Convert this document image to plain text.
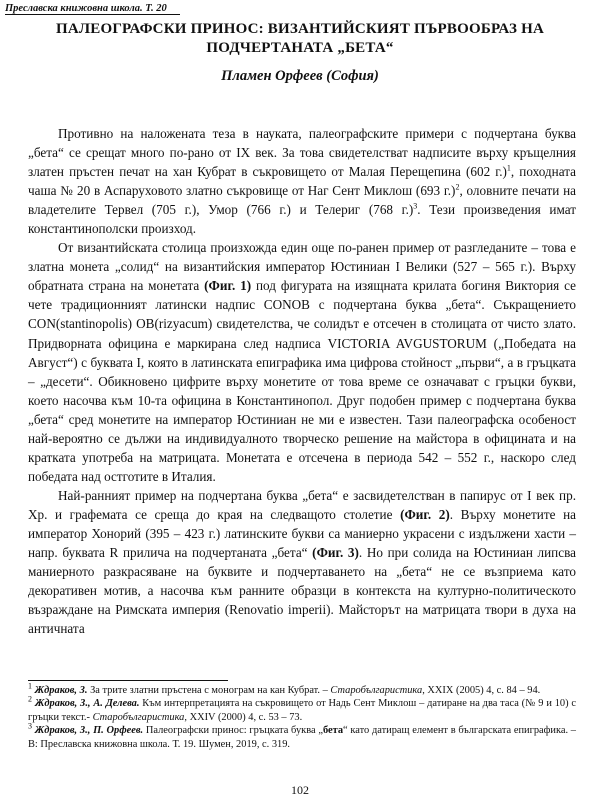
Преславска книжовна школа. Т. 20
ПАЛЕОГРАФСКИ ПРИНОС: ВИЗАНТИЙСКИЯТ ПЪРВООБРАЗ НА
ПОДЧЕРТАНАТА „БЕТА“
Пламен Орфеев (София)

Противно на наложената теза в науката, палеографските примери с подчертана буква „бета“ се срещат много по-рано от IX век. За това свидетелстват надписите върху кръщелния златен пръстен печат на хан Кубрат в съкровището от Малая Перещепина (602 г.)$^1$, походната чаша № 20 в Аспаруховото златно съкровище от Наг Сент Миклош (693 г.)$^2$, оловните печати на владетелите Тервел (705 г.), Умор (766 г.) и Телериг (768 г.)$^3$. Тези произведения имат константинополски произход.

От византийската столица произхожда един още по-ранен пример от разгледаните – това е златна монета „солид“ на византийския император Юстиниан I Велики (527 – 565 г.). Върху обратната страна на монетата (Фиг. 1) под фигурата на изящната крилата богиня Виктория се чете традиционният латински надпис CONOB с подчертана буква „бета“. Съкращението CON(stantinopolis) OB(rizyacum) свидетелства, че солидът е отсечен в столицата от чисто злато. Придворната официна е маркирана след надписа VICTORIA AVGUSTORUM („Победата на Август“) с буквата I, която в латинската епиграфика има цифрова стойност „първи“, а в гръцката – „десети“. Обикновено цифрите върху монетите от това време се означават с гръцки букви, което насочва към 10-та официна в Константинопол. Друг подобен пример с подчертана буква „бета“ сред монетите на император Юстиниан не ми е известен. Тази палеографска особеност най-вероятно се дължи на индивидуалното творческо решение на майстора в официната и на кратката употреба на матрицата. Монетата е отсечена в периода 542 – 552 г., наскоро след победата над остготите в Италия.

Най-ранният пример на подчертана буква „бета“ е засвидетелстван в папирус от I век пр. Хр. и графемата се среща до края на следващото столетие (Фиг. 2). Върху монетите на император Хонорий (395 – 423 г.) латинските букви са маниерно украсени с издължени хасти – напр. буквата R прилича на подчертаната „бета“ (Фиг. 3). Но при солида на Юстиниан липсва маниерното разкрасяване на буквите и подчертаването на „бета“ не се възприема като декоративен мотив, а насочва към ранните образци в контекста на културно-политическото възраждане на Римската империя (Renovatio imperii). Майсторът на матрицата твори в духа на античната

$^1$ Ждраков, З. За трите златни пръстена с монограм на кан Кубрат. – Старобългаристика, XXIX (2005) 4, с. 84 – 94.

$^2$ Ждраков, З., А. Делева. Към интерпретацията на съкровището от Надь Сент Миклош – датиране на два таса (№ 9 и 10) с гръцки текст.- Старобългаристика, XXIV (2000) 4, с. 53 – 73.

$^3$ Ждраков, З., П. Орфеев. Палеографски принос: гръцката буква „бета“ като датиращ елемент в българската епиграфика. – В: Преславска книжовна школа. Т. 19. Шумен, 2019, с. 319.

102
